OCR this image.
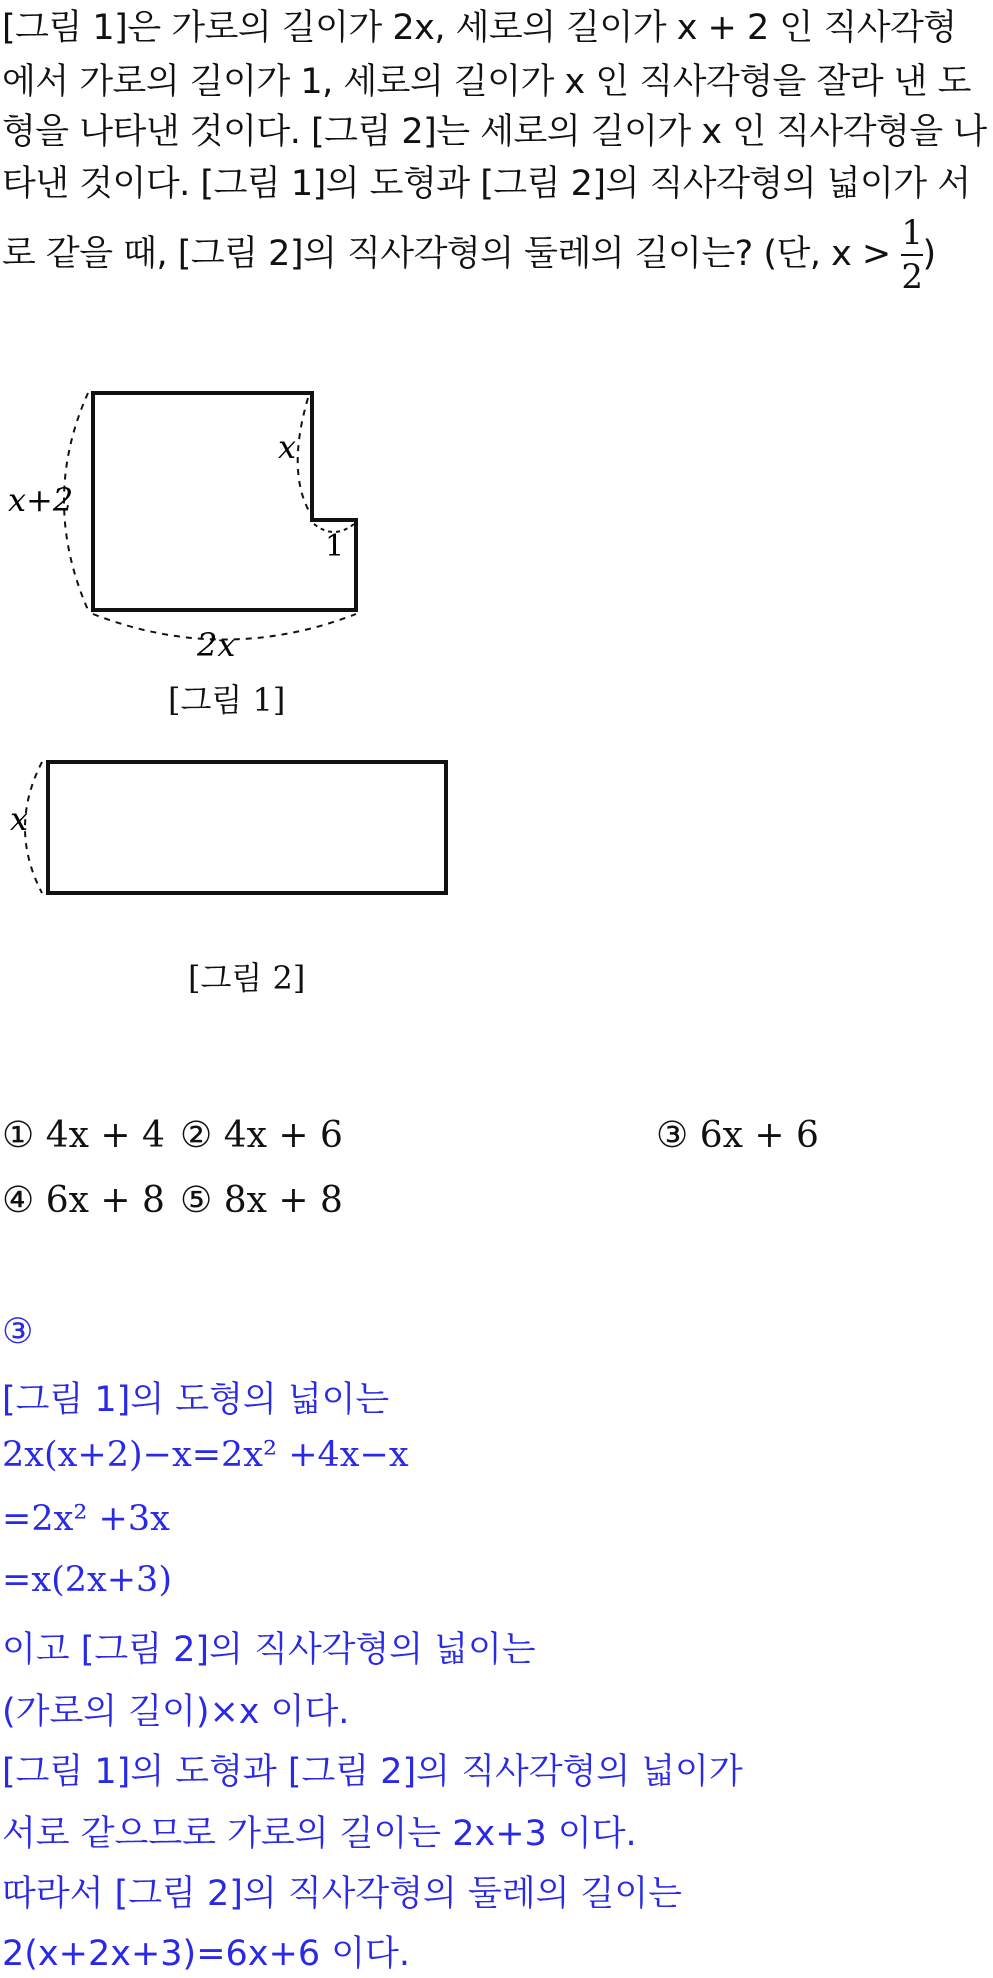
[그림 1]은 가로의 길이가 2x, 세로의 길이가 x + 2 인 직사각형
에서 가로의 길이가 1, 세로의 길이가 x 인 직사각형을 잘라 낸 도
형을 나타낸 것이다. [그림 2]는 세로의 길이가 x 인 직사각형을 나
타낸 것이다. [그림 1]의 도형과 [그림 2]의 직사각형의 넓이가 서
로 같을 때, [그림 2]의 직사각형의 둘레의 길이는? (단, $x > \frac{1}{2}$ )
x+2
x
1
2x
x
[그림 1]
[그림 2]
① 4x + 4 ② 4x + 6	③ 6x + 6
④ 6x + 8 ⑤ 8x + 8
③
[그림 1]의 도형의 넓이는
2x(x+2)−x=2x² +4x−x
=2x² +3x
=x(2x+3)
이고 [그림 2]의 직사각형의 넓이는
(가로의 길이)×x 이다.
[그림 1]의 도형과 [그림 2]의 직사각형의 넓이가
서로 같으므로 가로의 길이는 2x+3 이다.
따라서 [그림 2]의 직사각형의 둘레의 길이는
2(x+2x+3)=6x+6 이다.
